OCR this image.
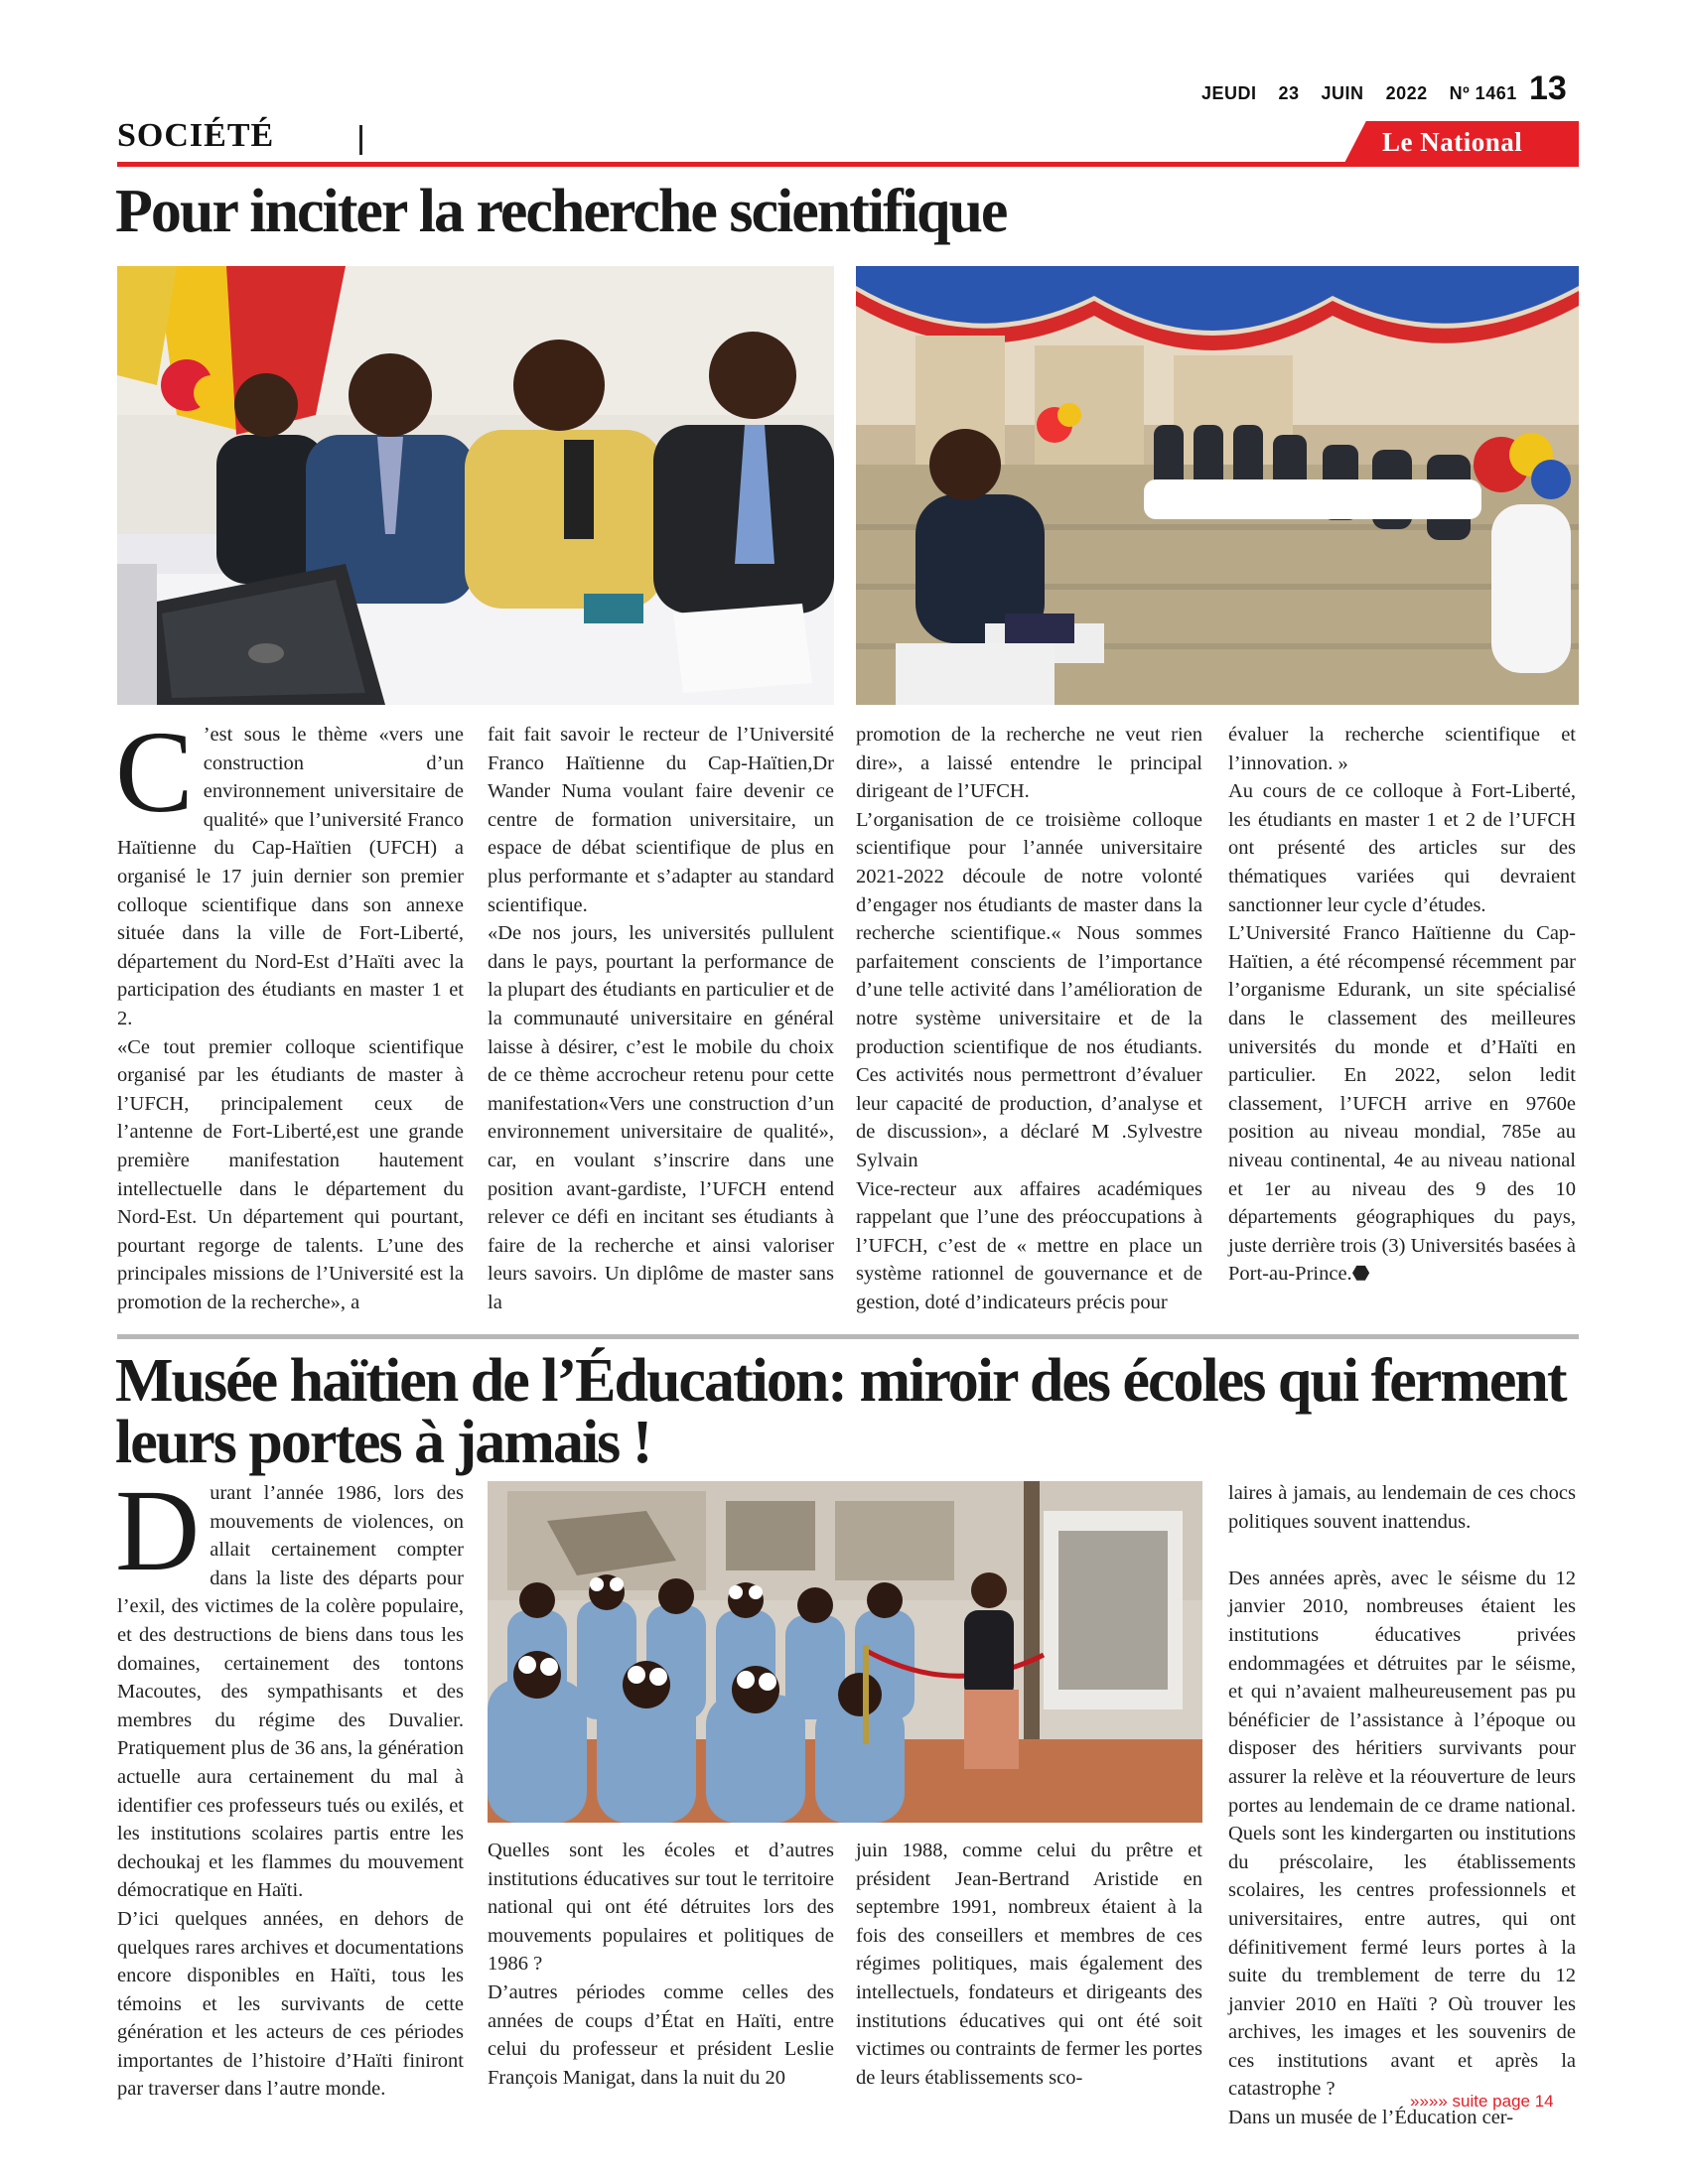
JEUDI 23 JUIN 2022 Nº 1461 13
SOCIÉTÉ	Le National
Pour inciter la recherche scientifique
C ’est sous le thème «vers une construction d’un environnement universitaire de qualité» que l’université Franco Haïtienne du Cap-Haïtien (UFCH) a organisé le 17 juin dernier son premier colloque scientifique dans son annexe située dans la ville de Fort-Liberté, département du Nord-Est d’Haïti avec la participation des étudiants en master 1 et 2.
«Ce tout premier colloque scientifique organisé par les étudiants de master à l’UFCH, principalement ceux de l’antenne de Fort-Liberté,est une grande première manifestation hautement intellectuelle dans le département du Nord-Est. Un département qui pourtant, pourtant regorge de talents. L’une des principales missions de l’Université est la promotion de la recherche», a
fait fait savoir le recteur de l’Université Franco Haïtienne du Cap-Haïtien,Dr Wander Numa voulant faire devenir ce centre de formation universitaire, un espace de débat scientifique de plus en plus performante et s’adapter au standard scientifique.
«De nos jours, les universités pullulent dans le pays, pourtant la performance de la plupart des étudiants en particulier et de la communauté universitaire en général laisse à désirer, c’est le mobile du choix de ce thème accrocheur retenu pour cette manifestation«Vers une construction d’un environnement universitaire de qualité», car, en voulant s’inscrire dans une position avant-gardiste, l’UFCH entend relever ce défi en incitant ses étudiants à faire de la recherche et ainsi valoriser leurs savoirs. Un diplôme de master sans la
promotion de la recherche ne veut rien dire», a laissé entendre le principal dirigeant de l’UFCH.
L’organisation de ce troisième colloque scientifique pour l’année universitaire 2021-2022 découle de notre volonté d’engager nos étudiants de master dans la recherche scientifique.« Nous sommes parfaitement conscients de l’importance d’une telle activité dans l’amélioration de notre système universitaire et de la production scientifique de nos étudiants. Ces activités nous permettront d’évaluer leur capacité de production, d’analyse et de discussion», a déclaré M .Sylvestre Sylvain
Vice-recteur aux affaires académiques rappelant que l’une des préoccupations à l’UFCH, c’est de « mettre en place un système rationnel de gouvernance et de gestion, doté d’indicateurs précis pour
évaluer la recherche scientifique et l’innovation. »
Au cours de ce colloque à Fort-Liberté, les étudiants en master 1 et 2 de l’UFCH ont présenté des articles sur des thématiques variées qui devraient sanctionner leur cycle d’études.
L’Université Franco Haïtienne du Cap-Haïtien, a été récompensé récemment par l’organisme Edurank, un site spécialisé dans le classement des meilleures universités du monde et d’Haïti en particulier. En 2022, selon ledit classement, l’UFCH arrive en 9760e position au niveau mondial, 785e au niveau continental, 4e au niveau national et 1er au niveau des 9 des 10 départements géographiques du pays, juste derrière trois (3) Universités basées à Port-au-Prince.⬣
Musée haïtien de l’Éducation: miroir des écoles qui ferment leurs portes à jamais !
Durant l’année 1986, lors des mouvements de violences, on allait certainement compter dans la liste des départs pour l’exil, des victimes de la colère populaire, et des destructions de biens dans tous les domaines, certainement des tontons Macoutes, des sympathisants et des membres du régime des Duvalier. Pratiquement plus de 36 ans, la génération actuelle aura certainement du mal à identifier ces professeurs tués ou exilés, et les institutions scolaires partis entre les dechoukaj et les flammes du mouvement démocratique en Haïti.
D’ici quelques années, en dehors de quelques rares archives et documentations encore disponibles en Haïti, tous les témoins et les survivants de cette génération et les acteurs de ces périodes importantes de l’histoire d’Haïti finiront par traverser dans l’autre monde.
Quelles sont les écoles et d’autres institutions éducatives sur tout le territoire national qui ont été détruites lors des mouvements populaires et politiques de 1986 ?
D’autres périodes comme celles des années de coups d’État en Haïti, entre celui du professeur et président Leslie François Manigat, dans la nuit du 20
juin 1988, comme celui du prêtre et président Jean-Bertrand Aristide en septembre 1991, nombreux étaient à la fois des conseillers et membres de ces régimes politiques, mais également des intellectuels, fondateurs et dirigeants des institutions éducatives qui ont été soit victimes ou contraints de fermer les portes de leurs établissements sco-
laires à jamais, au lendemain de ces chocs politiques souvent inattendus.

Des années après, avec le séisme du 12 janvier 2010, nombreuses étaient les institutions éducatives privées endommagées et détruites par le séisme, et qui n’avaient malheureusement pas pu bénéficier de l’assistance à l’époque ou disposer des héritiers survivants pour assurer la relève et la réouverture de leurs portes au lendemain de ce drame national. Quels sont les kindergarten ou institutions du préscolaire, les établissements scolaires, les centres professionnels et universitaires, entre autres, qui ont définitivement fermé leurs portes à la suite du tremblement de terre du 12 janvier 2010 en Haïti ? Où trouver les archives, les images et les souvenirs de ces institutions avant et après la catastrophe ?
Dans un musée de l’Éducation cer-
»»»» suite page 14
